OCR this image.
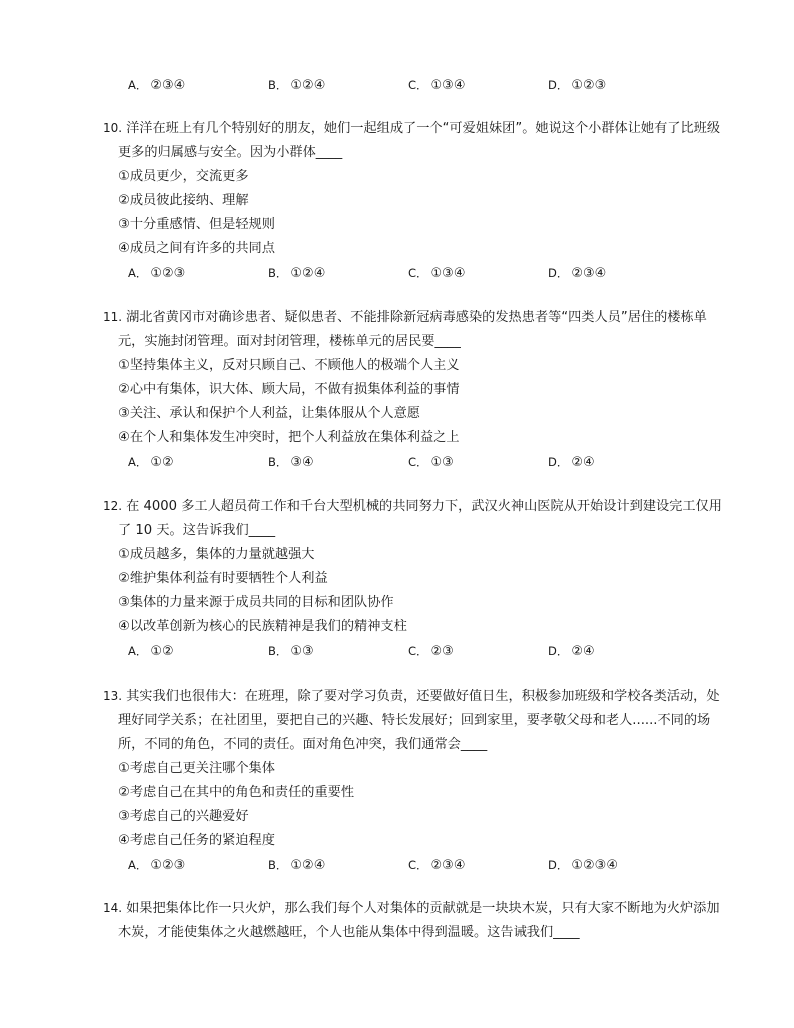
A． ②③④	B． ①②④	C． ①③④	D． ①②③

10. 洋洋在班上有几个特别好的朋友，她们一起组成了一个“可爱姐妹团”。她说这个小群体让她有了比班级更多的归属感与安全。因为小群体____

①成员更少，交流更多

②成员彼此接纳、理解

③十分重感情、但是轻规则

④成员之间有许多的共同点

A． ①②③	B． ①②④	C． ①③④	D． ②③④

11. 湖北省黄冈市对确诊患者、疑似患者、不能排除新冠病毒感染的发热患者等“四类人员”居住的楼栋单元，实施封闭管理。面对封闭管理，楼栋单元的居民要____

①坚持集体主义，反对只顾自己、不顾他人的极端个人主义

②心中有集体，识大体、顾大局，不做有损集体利益的事情

③关注、承认和保护个人利益，让集体服从个人意愿

④在个人和集体发生冲突时，把个人利益放在集体利益之上

A． ①②	B． ③④	C． ①③	D． ②④

12. 在 4000 多工人超员荷工作和千台大型机械的共同努力下，武汉火神山医院从开始设计到建设完工仅用了 10 天。这告诉我们____

①成员越多，集体的力量就越强大

②维护集体利益有时要牺牲个人利益

③集体的力量来源于成员共同的目标和团队协作

④以改革创新为核心的民族精神是我们的精神支柱

A． ①②	B． ①③	C． ②③	D． ②④

13. 其实我们也很伟大：在班理，除了要对学习负责，还要做好值日生，积极参加班级和学校各类活动，处理好同学关系；在社团里，要把自己的兴趣、特长发展好；回到家里，要孝敬父母和老人......不同的场所，不同的角色，不同的责任。面对角色冲突，我们通常会____

①考虑自己更关注哪个集体

②考虑自己在其中的角色和责任的重要性

③考虑自己的兴趣爱好

④考虑自己任务的紧迫程度

A． ①②③	B． ①②④	C． ②③④	D． ①②③④

14. 如果把集体比作一只火炉，那么我们每个人对集体的贡献就是一块块木炭，只有大家不断地为火炉添加木炭，才能使集体之火越燃越旺，个人也能从集体中得到温暖。这告诫我们____
